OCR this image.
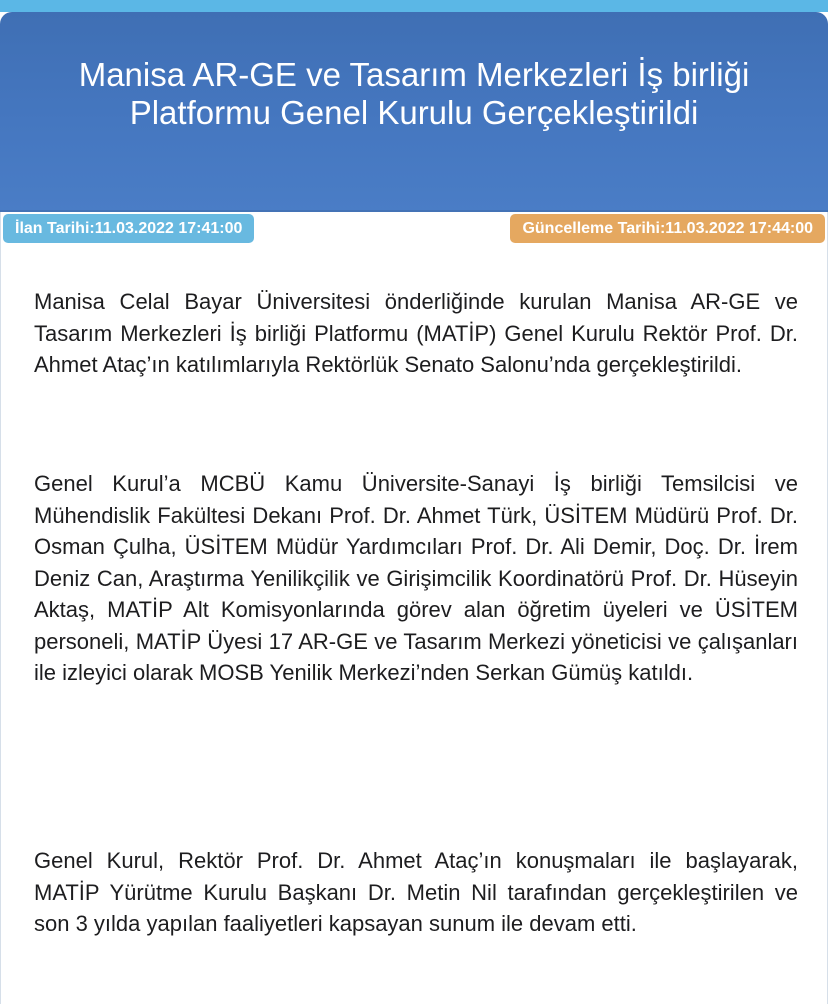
Manisa AR-GE ve Tasarım Merkezleri İş birliği
Platformu Genel Kurulu Gerçekleştirildi
İlan Tarihi:11.03.2022 17:41:00	Güncelleme Tarihi:11.03.2022 17:44:00

Manisa Celal Bayar Üniversitesi önderliğinde kurulan Manisa AR-GE ve Tasarım Merkezleri İş birliği Platformu (MATİP) Genel Kurulu Rektör Prof. Dr. Ahmet Ataç’ın katılımlarıyla Rektörlük Senato Salonu’nda gerçekleştirildi.

Genel Kurul’a MCBÜ Kamu Üniversite-Sanayi İş birliği Temsilcisi ve Mühendislik Fakültesi Dekanı Prof. Dr. Ahmet Türk, ÜSİTEM Müdürü Prof. Dr. Osman Çulha, ÜSİTEM Müdür Yardımcıları Prof. Dr. Ali Demir, Doç. Dr. İrem Deniz Can, Araştırma Yenilikçilik ve Girişimcilik Koordinatörü Prof. Dr. Hüseyin Aktaş, MATİP Alt Komisyonlarında görev alan öğretim üyeleri ve ÜSİTEM personeli, MATİP Üyesi 17 AR-GE ve Tasarım Merkezi yöneticisi ve çalışanları ile izleyici olarak MOSB Yenilik Merkezi’nden Serkan Gümüş katıldı.

Genel Kurul, Rektör Prof. Dr. Ahmet Ataç’ın konuşmaları ile başlayarak, MATİP Yürütme Kurulu Başkanı Dr. Metin Nil tarafından gerçekleştirilen ve son 3 yılda yapılan faaliyetleri kapsayan sunum ile devam etti.
